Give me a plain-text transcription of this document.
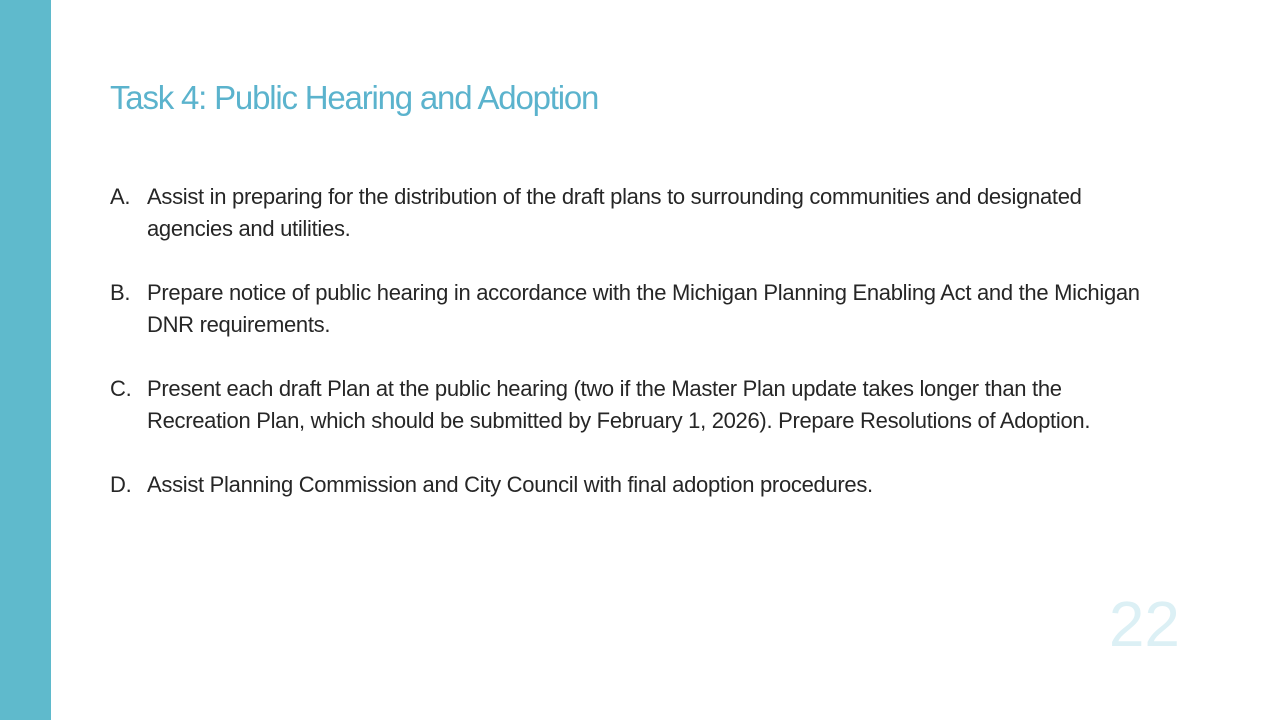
Task 4: Public Hearing and Adoption
A. Assist in preparing for the distribution of the draft plans to surrounding communities and designated agencies and utilities.
B. Prepare notice of public hearing in accordance with the Michigan Planning Enabling Act and the Michigan DNR requirements.
C. Present each draft Plan at the public hearing (two if the Master Plan update takes longer than the Recreation Plan, which should be submitted by February 1, 2026). Prepare Resolutions of Adoption.
D. Assist Planning Commission and City Council with final adoption procedures.
22
